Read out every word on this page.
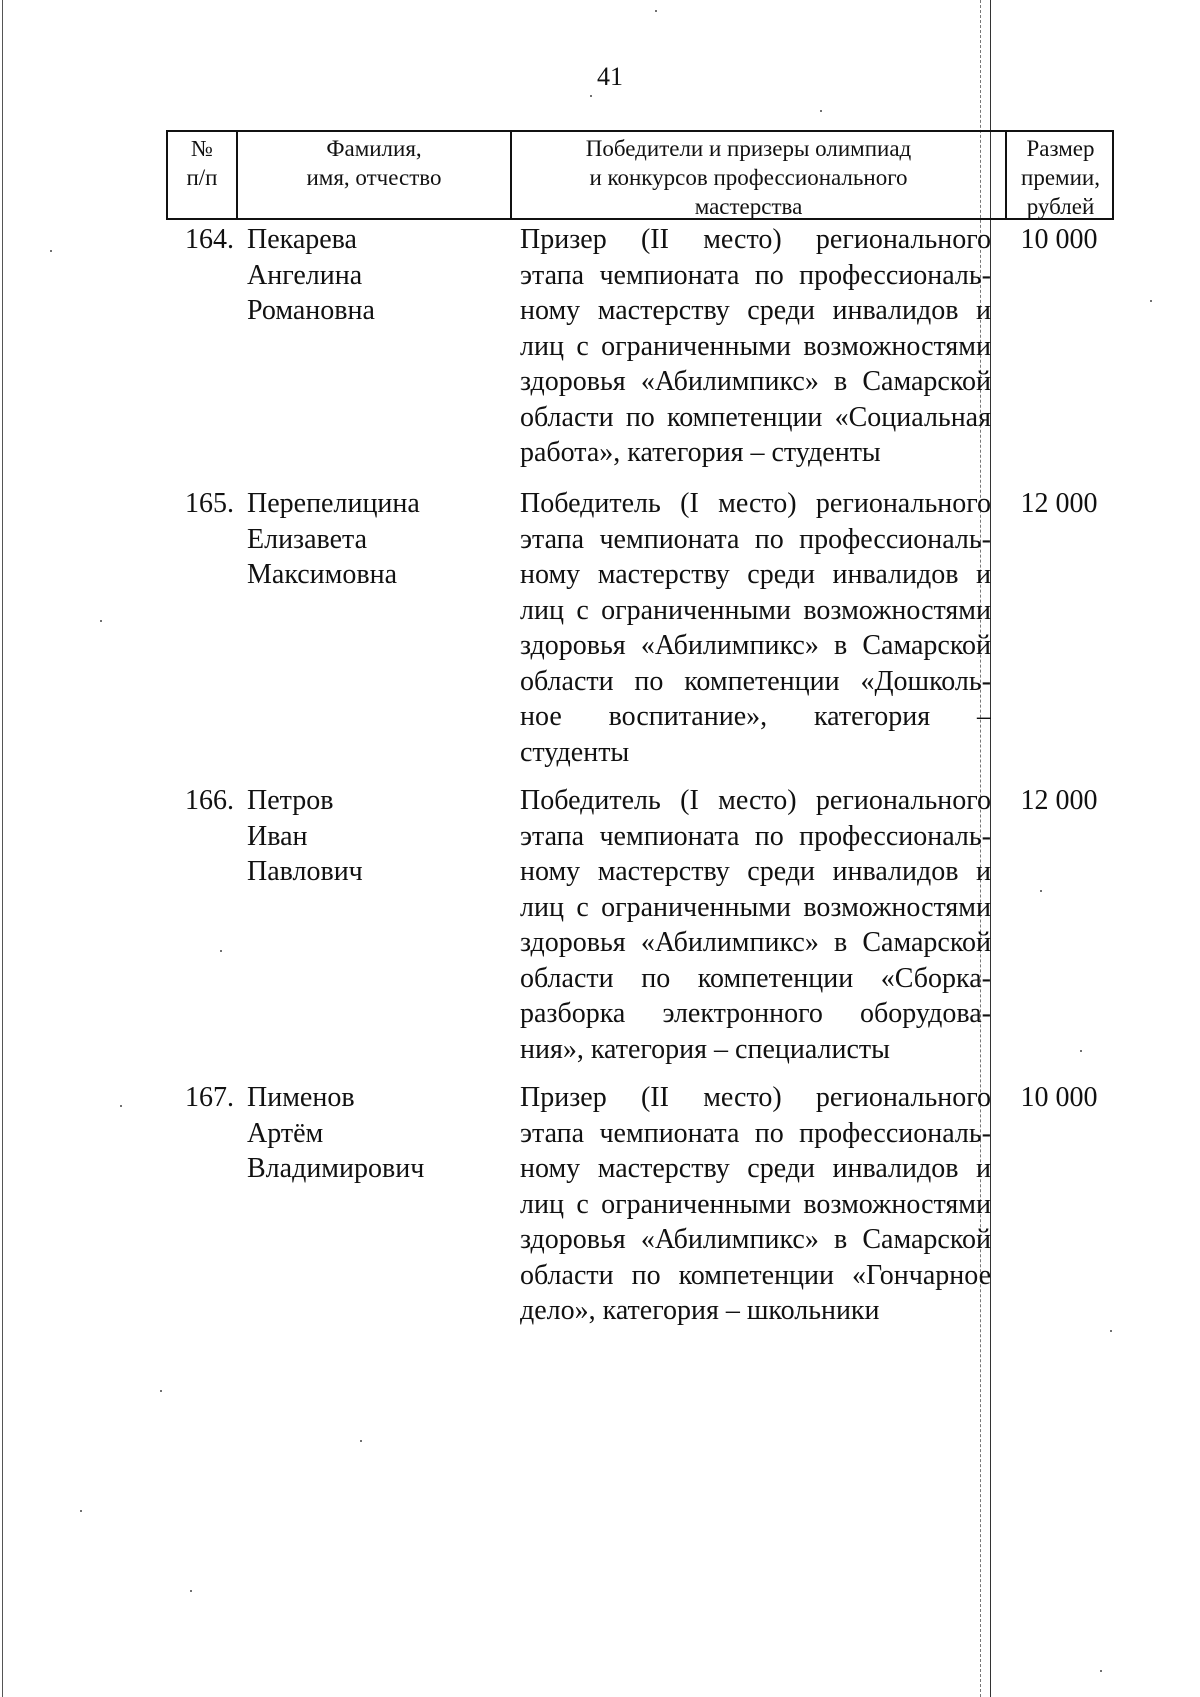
41
№
п/п
Фамилия,
имя, отчество
Победители и призеры олимпиад
и конкурсов профессионального
мастерства
Размер
премии,
рублей
164. Пекарева
Ангелина
Романовна
Призер (II место) регионального
этапа чемпионата по профессиональ-
ному мастерству среди инвалидов и
лиц с ограниченными возможностями
здоровья «Абилимпикс» в Самарской
области по компетенции «Социальная
работа», категория – студенты
10 000
165. Перепелицина
Елизавета
Максимовна
Победитель (I место) регионального
этапа чемпионата по профессиональ-
ному мастерству среди инвалидов и
лиц с ограниченными возможностями
здоровья «Абилимпикс» в Самарской
области по компетенции «Дошколь-
ное воспитание», категория –
студенты
12 000
166. Петров
Иван
Павлович
Победитель (I место) регионального
этапа чемпионата по профессиональ-
ному мастерству среди инвалидов и
лиц с ограниченными возможностями
здоровья «Абилимпикс» в Самарской
области по компетенции «Сборка-
разборка электронного оборудова-
ния», категория – специалисты
12 000
167. Пименов
Артём
Владимирович
Призер (II место) регионального
этапа чемпионата по профессиональ-
ному мастерству среди инвалидов и
лиц с ограниченными возможностями
здоровья «Абилимпикс» в Самарской
области по компетенции «Гончарное
дело», категория – школьники
10 000
